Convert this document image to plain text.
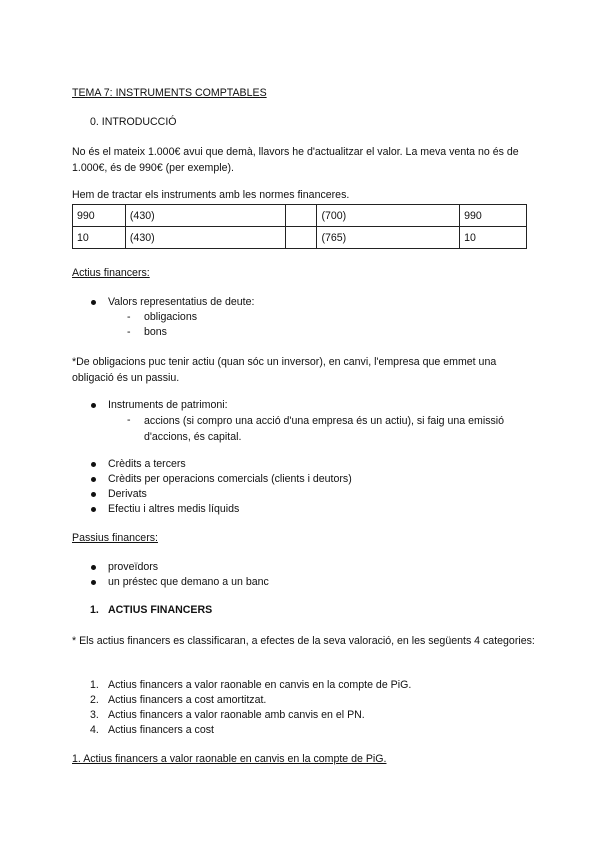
TEMA 7: INSTRUMENTS COMPTABLES
0. INTRODUCCIÓ

No és el mateix 1.000€ avui que demà, llavors he d'actualitzar el valor. La meva venta no és de 1.000€, és de 990€ (per exemple).

Hem de tractar els instruments amb les normes financeres.
990	(430)		(700)	990
10	(430)		(765)	10
Actius financers:
Valors representatius de deute:
- obligacions
- bons

*De obligacions puc tenir actiu (quan sóc un inversor), en canvi, l'empresa que emmet una obligació és un passiu.

Instruments de patrimoni:
- accions (si compro una acció d'una empresa és un actiu), si faig una emissió d'accions, és capital.

Crèdits a tercers
Crèdits per operacions comercials (clients i deutors)
Derivats
Efectiu i altres medis líquids
Passius financers:
proveïdors
un préstec que demano a un banc
1. ACTIUS FINANCERS

* Els actius financers es classificaran, a efectes de la seva valoració, en les següents 4 categories:

1. Actius financers a valor raonable en canvis en la compte de PiG.
2. Actius financers a cost amortitzat.
3. Actius financers a valor raonable amb canvis en el PN.
4. Actius financers a cost
1. Actius financers a valor raonable en canvis en la compte de PiG.
